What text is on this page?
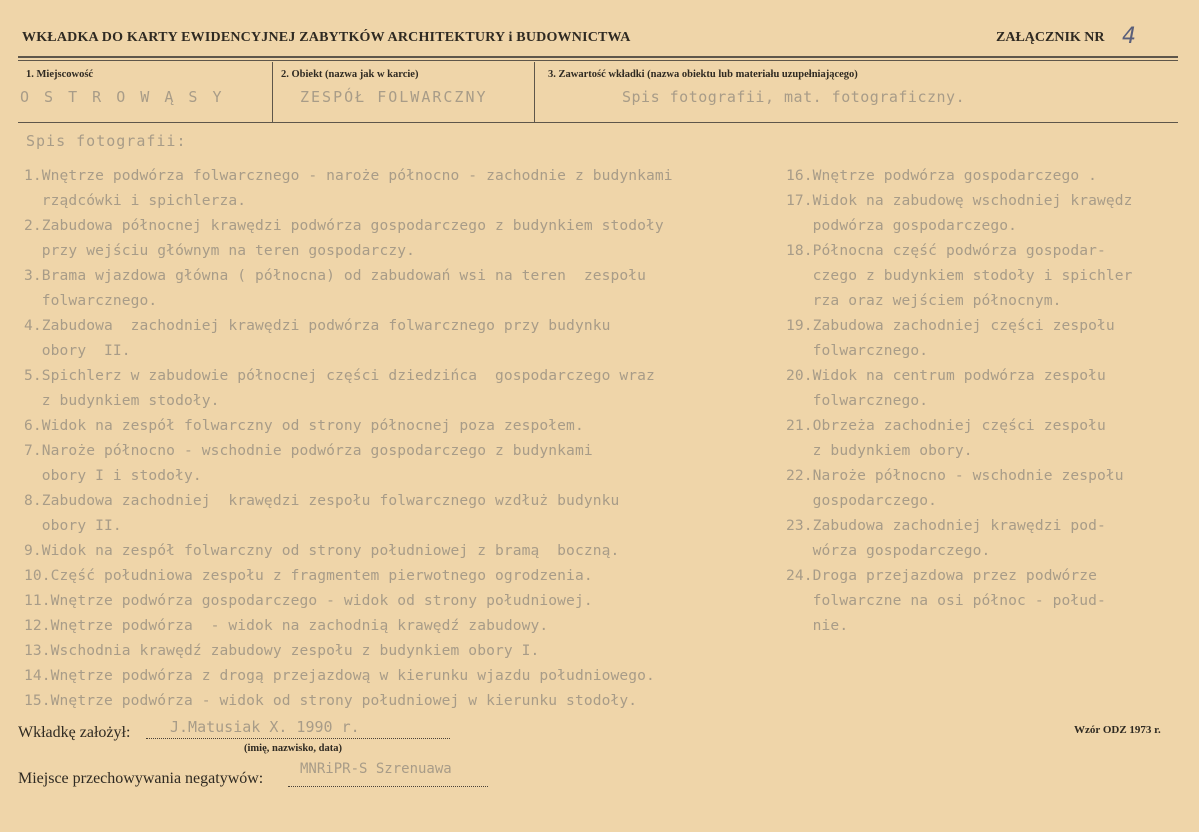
WKŁADKA DO KARTY EWIDENCYJNEJ ZABYTKÓW ARCHITEKTURY i BUDOWNICTWA	ZAŁĄCZNIK NR 4
1. Miejscowość
O S T R O W Ą S Y
2. Obiekt (nazwa jak w karcie)
ZESPÓŁ FOLWARCZNY
3. Zawartość wkładki (nazwa obiektu lub materiału uzupełniającego)
Spis fotografii, mat. fotograficzny.
Spis fotografii:
1.Wnętrze podwórza folwarcznego - naroże północno - zachodnie z budynkami
rządcówki i spichlerza.
2.Zabudowa północnej krawędzi podwórza gospodarczego z budynkiem stodoły
przy wejściu głównym na teren gospodarczy.
3.Brama wjazdowa główna ( północna) od zabudowań wsi na teren  zespołu
folwarcznego.
4.Zabudowa  zachodniej krawędzi podwórza folwarcznego przy budynku
obory  II.
5.Spichlerz w zabudowie północnej części dziedzińca  gospodarczego wraz
z budynkiem stodoły.
6.Widok na zespół folwarczny od strony północnej poza zespołem.
7.Naroże północno - wschodnie podwórza gospodarczego z budynkami
obory I i stodoły.
8.Zabudowa zachodniej  krawędzi zespołu folwarcznego wzdłuż budynku
obory II.
9.Widok na zespół folwarczny od strony południowej z bramą  boczną.
10.Część południowa zespołu z fragmentem pierwotnego ogrodzenia.
11.Wnętrze podwórza gospodarczego - widok od strony południowej.
12.Wnętrze podwórza  - widok na zachodnią krawędź zabudowy.
13.Wschodnia krawędź zabudowy zespołu z budynkiem obory I.
14.Wnętrze podwórza z drogą przejazdową w kierunku wjazdu południowego.
15.Wnętrze podwórza - widok od strony południowej w kierunku stodoły.
16.Wnętrze podwórza gospodarczego .
17.Widok na zabudowę wschodniej krawędz
podwórza gospodarczego.
18.Północna część podwórza gospodar-
czego z budynkiem stodoły i spichler
rza oraz wejściem północnym.
19.Zabudowa zachodniej części zespołu
folwarcznego.
20.Widok na centrum podwórza zespołu
folwarcznego.
21.Obrzeża zachodniej części zespołu
z budynkiem obory.
22.Naroże północno - wschodnie zespołu
gospodarczego.
23.Zabudowa zachodniej krawędzi pod-
wórza gospodarczego.
24.Droga przejazdowa przez podwórze
folwarczne na osi północ - połud-
nie.
Wkładkę założył:	J.Matusiak X. 1990 r.
(imię, nazwisko, data)
Miejsce przechowywania negatywów:
MNRiPR-S Szrenuawa
Wzór ODZ 1973 r.
